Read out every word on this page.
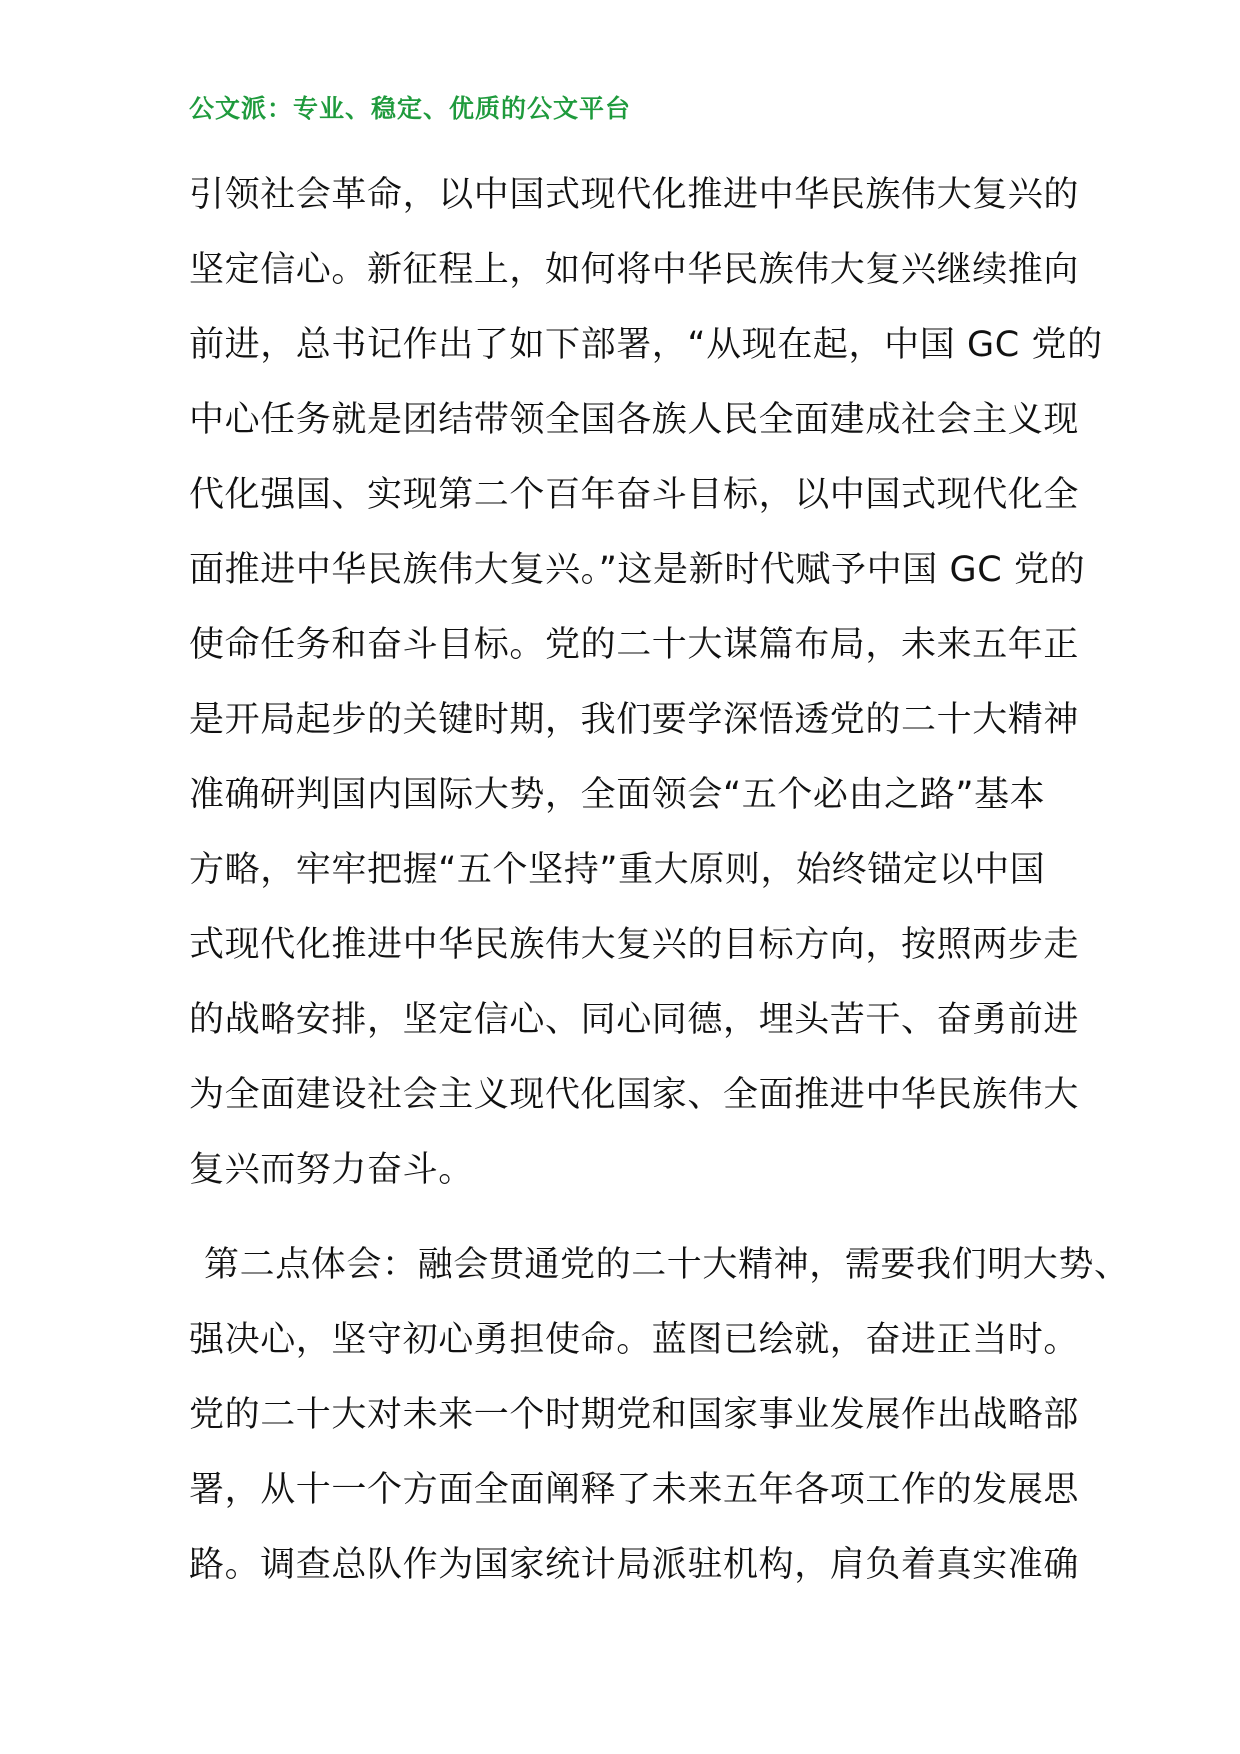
公文派：专业、稳定、优质的公文平台
引领社会革命，以中国式现代化推进中华民族伟大复兴的
坚定信心。新征程上，如何将中华民族伟大复兴继续推向
前进，总书记作出了如下部署，“从现在起，中国 GC 党的
中心任务就是团结带领全国各族人民全面建成社会主义现
代化强国、实现第二个百年奋斗目标，以中国式现代化全
面推进中华民族伟大复兴。”这是新时代赋予中国 GC 党的
使命任务和奋斗目标。党的二十大谋篇布局，未来五年正
是开局起步的关键时期，我们要学深悟透党的二十大精神
准确研判国内国际大势，全面领会“五个必由之路”基本
方略，牢牢把握“五个坚持”重大原则，始终锚定以中国
式现代化推进中华民族伟大复兴的目标方向，按照两步走
的战略安排，坚定信心、同心同德，埋头苦干、奋勇前进
为全面建设社会主义现代化国家、全面推进中华民族伟大
复兴而努力奋斗。
第二点体会：融会贯通党的二十大精神，需要我们明大势、
强决心，坚守初心勇担使命。蓝图已绘就，奋进正当时。
党的二十大对未来一个时期党和国家事业发展作出战略部
署，从十一个方面全面阐释了未来五年各项工作的发展思
路。调查总队作为国家统计局派驻机构，肩负着真实准确
